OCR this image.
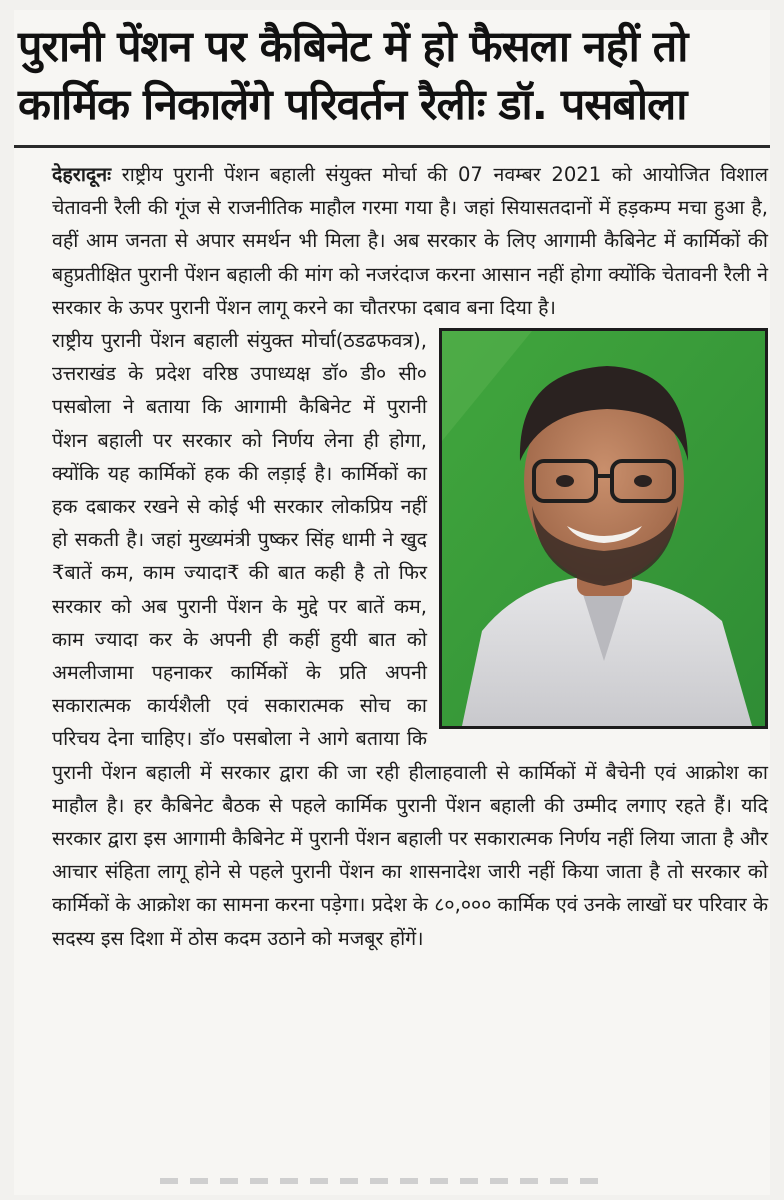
पुरानी पेंशन पर कैबिनेट में हो फैसला नहीं तो
कार्मिक निकालेंगे परिवर्तन रैलीः डॉ. पसबोला

देहरादूनः राष्ट्रीय पुरानी पेंशन बहाली संयुक्त मोर्चा की 07 नवम्बर 2021 को आयोजित विशाल चेतावनी रैली की गूंज से राजनीतिक माहौल गरमा गया है। जहां सियासतदानों में हड़कम्प मचा हुआ है, वहीं आम जनता से अपार समर्थन भी मिला है। अब सरकार के लिए आगामी कैबिनेट में कार्मिकों की बहुप्रतीक्षित पुरानी पेंशन बहाली की मांग को नजरंदाज करना आसान नहीं होगा क्योंकि चेतावनी रैली ने सरकार के ऊपर पुरानी पेंशन लागू करने का चौतरफा दबाव बना दिया है।

राष्ट्रीय पुरानी पेंशन बहाली संयुक्त मोर्चा(ठडढफवत्र), उत्तराखंड के प्रदेश वरिष्ठ उपाध्यक्ष डॉ० डी० सी० पसबोला ने बताया कि आगामी कैबिनेट में पुरानी पेंशन बहाली पर सरकार को निर्णय लेना ही होगा, क्योंकि यह कार्मिकों हक की लड़ाई है। कार्मिकों का हक दबाकर रखने से कोई भी सरकार लोकप्रिय नहीं हो सकती है। जहां मुख्यमंत्री पुष्कर सिंह धामी ने खुद ₹बातें कम, काम ज्यादा₹ की बात कही है तो फिर सरकार को अब पुरानी पेंशन के मुद्दे पर बातें कम, काम ज्यादा कर के अपनी ही कहीं हुयी बात को अमलीजामा पहनाकर कार्मिकों के प्रति अपनी सकारात्मक कार्यशैली एवं सकारात्मक सोच का परिचय देना चाहिए। डॉ० पसबोला ने आगे बताया कि पुरानी पेंशन बहाली में सरकार द्वारा की जा रही हीलाहवाली से कार्मिकों में बैचेनी एवं आक्रोश का माहौल है। हर कैबिनेट बैठक से पहले कार्मिक पुरानी पेंशन बहाली की उम्मीद लगाए रहते हैं। यदि सरकार द्वारा इस आगामी कैबिनेट में पुरानी पेंशन बहाली पर सकारात्मक निर्णय नहीं लिया जाता है और आचार संहिता लागू होने से पहले पुरानी पेंशन का शासनादेश जारी नहीं किया जाता है तो सरकार को कार्मिकों के आक्रोश का सामना करना पड़ेगा। प्रदेश के ८०,००० कार्मिक एवं उनके लाखों घर परिवार के सदस्य इस दिशा में ठोस कदम उठाने को मजबूर होंगें।
